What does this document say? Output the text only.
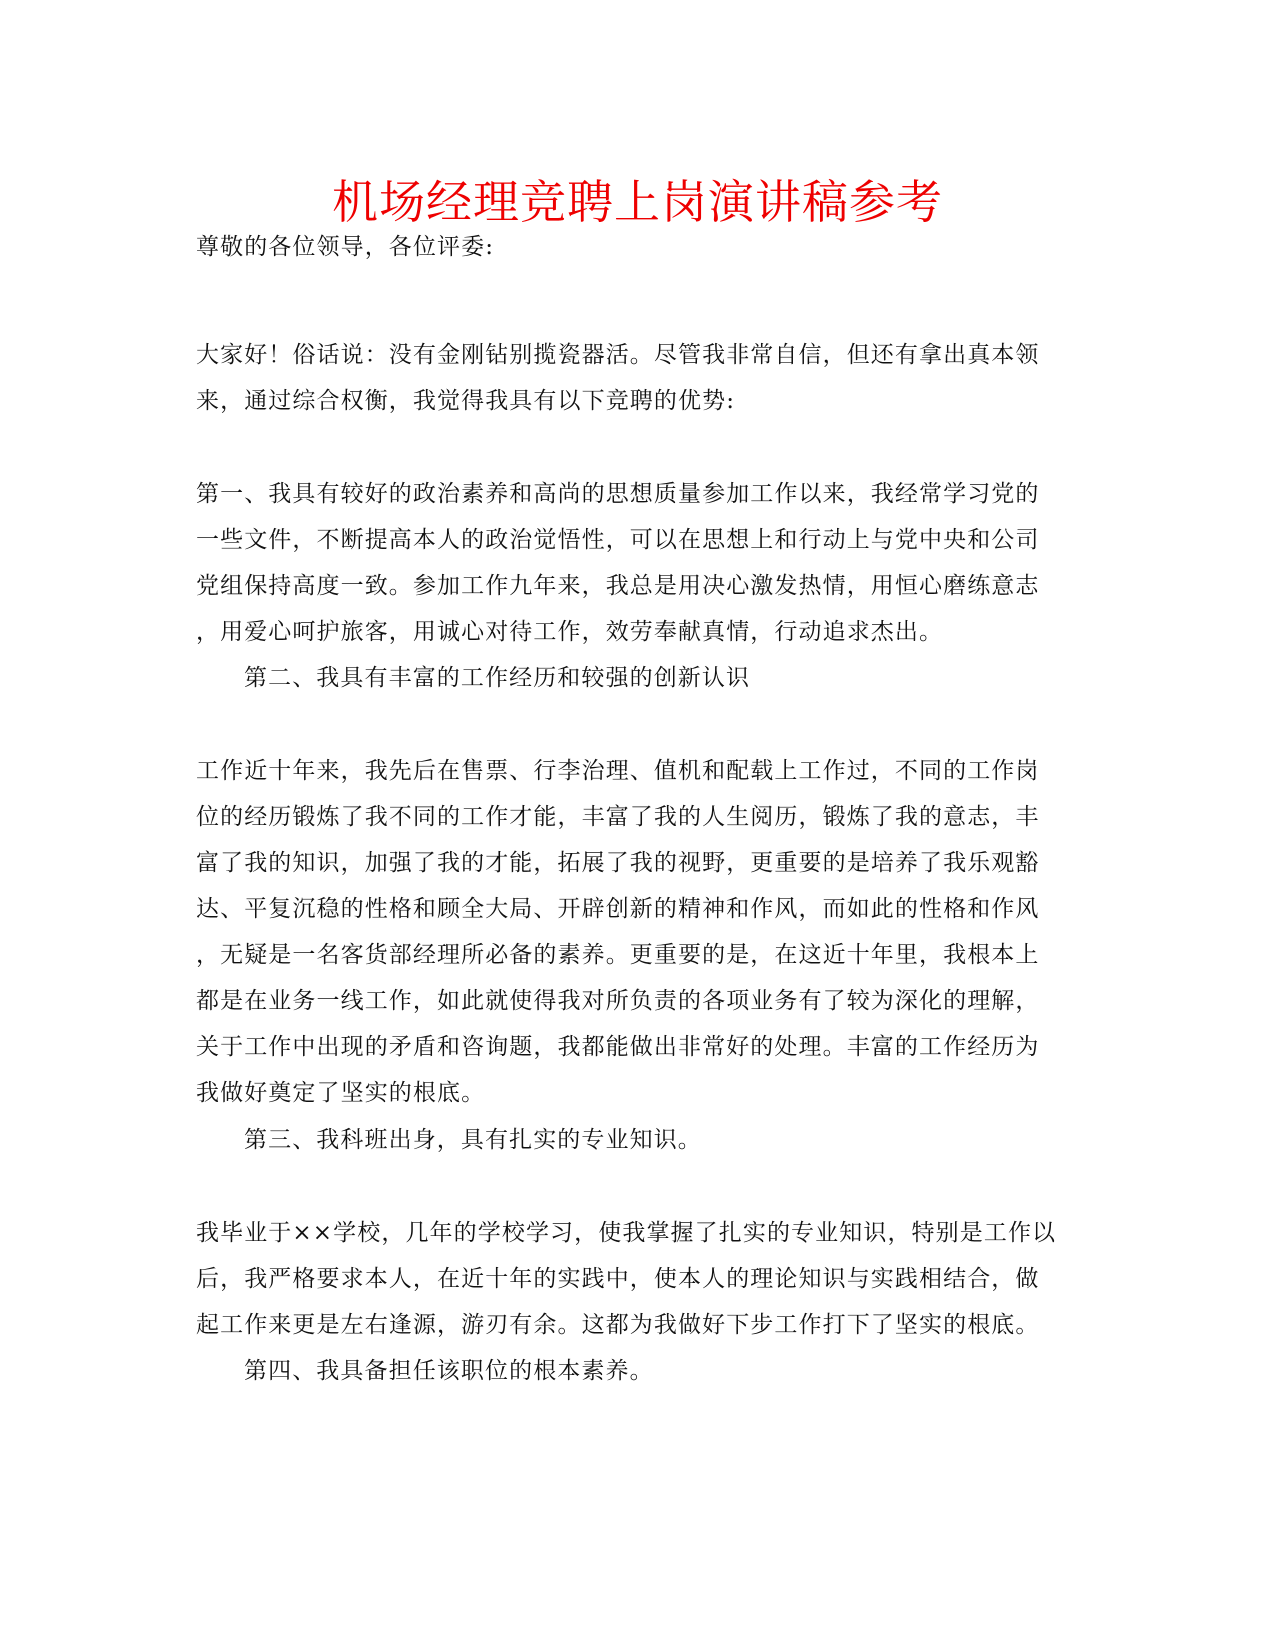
机场经理竞聘上岗演讲稿参考
尊敬的各位领导，各位评委:
大家好！俗话说：没有金刚钻别揽瓷器活。尽管我非常自信，但还有拿出真本领
来，通过综合权衡，我觉得我具有以下竞聘的优势:
第一、我具有较好的政治素养和高尚的思想质量参加工作以来，我经常学习党的
一些文件，不断提高本人的政治觉悟性，可以在思想上和行动上与党中央和公司
党组保持高度一致。参加工作九年来，我总是用决心激发热情，用恒心磨练意志
，用爱心呵护旅客，用诚心对待工作，效劳奉献真情，行动追求杰出。
第二、我具有丰富的工作经历和较强的创新认识
工作近十年来，我先后在售票、行李治理、值机和配载上工作过，不同的工作岗
位的经历锻炼了我不同的工作才能，丰富了我的人生阅历，锻炼了我的意志，丰
富了我的知识，加强了我的才能，拓展了我的视野，更重要的是培养了我乐观豁
达、平复沉稳的性格和顾全大局、开辟创新的精神和作风，而如此的性格和作风
，无疑是一名客货部经理所必备的素养。更重要的是，在这近十年里，我根本上
都是在业务一线工作，如此就使得我对所负责的各项业务有了较为深化的理解，
关于工作中出现的矛盾和咨询题，我都能做出非常好的处理。丰富的工作经历为
我做好奠定了坚实的根底。
第三、我科班出身，具有扎实的专业知识。
我毕业于××学校，几年的学校学习，使我掌握了扎实的专业知识，特别是工作以
后，我严格要求本人，在近十年的实践中，使本人的理论知识与实践相结合，做
起工作来更是左右逢源，游刃有余。这都为我做好下步工作打下了坚实的根底。
第四、我具备担任该职位的根本素养。
